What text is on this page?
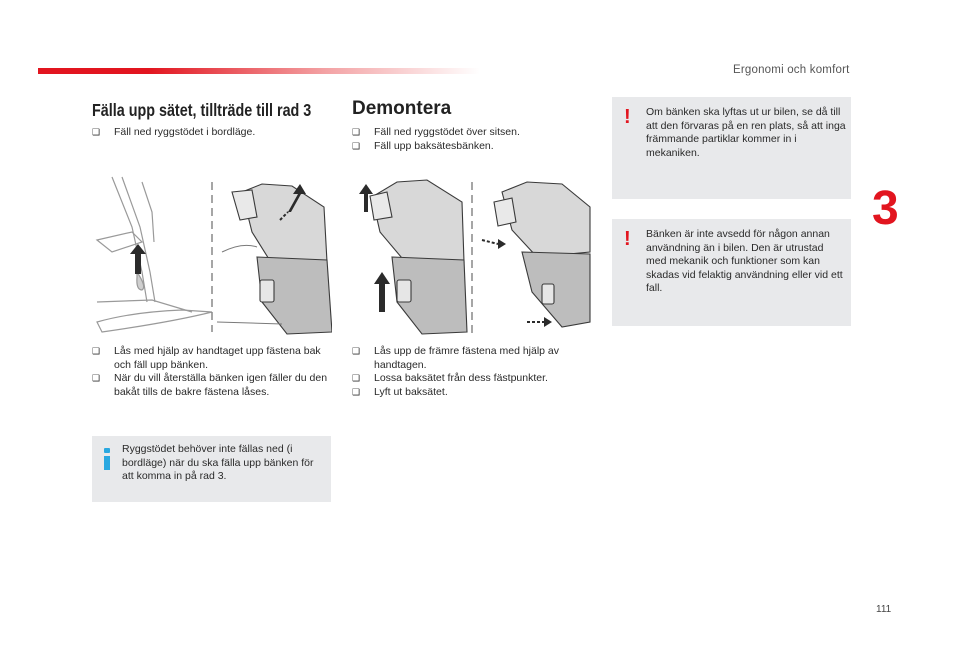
Ergonomi och komfort
3
111
Fälla upp sätet, tillträde till rad 3
❑
Fäll ned ryggstödet i bordläge.
❑
Lås med hjälp av handtaget upp fästena bak och fäll upp bänken.
❑
När du vill återställa bänken igen fäller du den bakåt tills de bakre fästena låses.
Ryggstödet behöver inte fällas ned (i bordläge) när du ska fälla upp bänken för att komma in på rad 3.
Demontera
❑
Fäll ned ryggstödet över sitsen.
❑
Fäll upp baksätesbänken.
❑
Lås upp de främre fästena med hjälp av handtagen.
❑
Lossa baksätet från dess fästpunkter.
❑
Lyft ut baksätet.
! Om bänken ska lyftas ut ur bilen, se då till att den förvaras på en ren plats, så att inga främmande partiklar kommer in i mekaniken.
! Bänken är inte avsedd för någon annan användning än i bilen. Den är utrustad med mekanik och funktioner som kan skadas vid felaktig användning eller vid ett fall.
